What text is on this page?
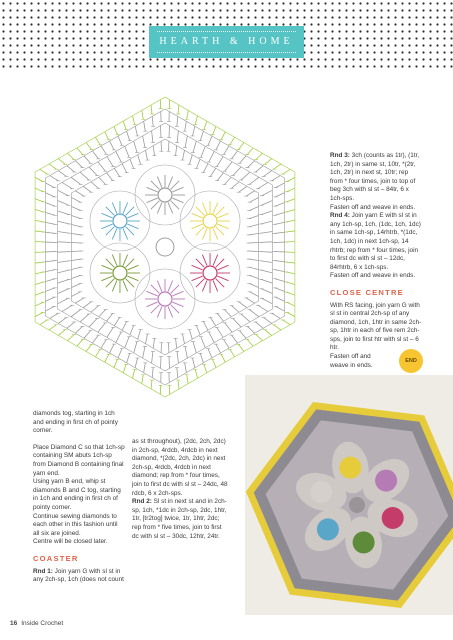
HEARTH & HOME

diamonds tog, starting in 1ch and ending in first ch of pointy corner.

Place Diamond C so that 1ch-sp containing SM abuts 1ch-sp from Diamond B containing final yarn end.

Using yarn B end, whip st diamonds B and C tog, starting in 1ch and ending in first ch of pointy corner.

Continue sewing diamonds to each other in this fashion until all six are joined.

Centre will be closed later.

COASTER

Rnd 1: Join yarn G with sl st in any 2ch-sp, 1ch (does not count

as st throughout), (2dc, 2ch, 2dc) in 2ch-sp, 4rdcb, 4rdcb in next diamond, *(2dc, 2ch, 2dc) in next 2ch-sp, 4rdcb, 4rdcb in next diamond; rep from * four times, join to first dc with sl st – 24dc, 48 rdcb, 6 x 2ch-sps.

Rnd 2: Sl st in next st and in 2ch-sp, 1ch, *1dc in 2ch-sp, 2dc, 1htr, 1tr, [tr2tog] twice, 1tr, 1htr, 2dc; rep from * five times, join to first dc with sl st – 30dc, 12htr, 24tr.

Rnd 3: 3ch (counts as 1tr), (1tr, 1ch, 2tr) in same st, 10tr, *(2tr, 1ch, 2tr) in next st, 10tr; rep from * four times, join to top of beg 3ch with sl st – 84tr, 6 x 1ch-sps.

Fasten off and weave in ends.

Rnd 4: Join yarn E with sl st in any 1ch-sp, 1ch, (1dc, 1ch, 1dc) in same 1ch-sp, 14rhtrb, *(1dc, 1ch, 1dc) in next 1ch-sp, 14 rhtrb; rep from * four times, join to first dc with sl st – 12dc, 84rhtrb, 6 x 1ch-sps.

Fasten off and weave in ends.

CLOSE CENTRE

With RS facing, join yarn G with sl st in central 2ch-sp of any diamond, 1ch, 1htr in same 2ch-sp, 1htr in each of five rem 2ch-sps, join to first htr with sl st – 6 htr.

Fasten off and weave in ends.

END
16 Inside Crochet
